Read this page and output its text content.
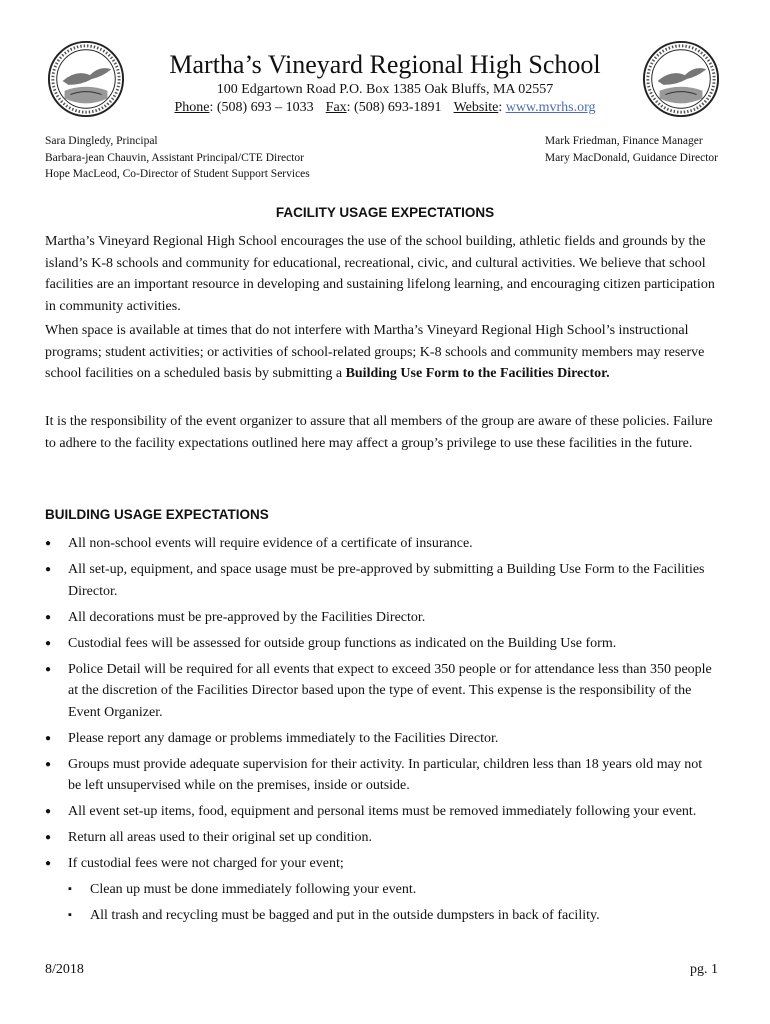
Martha’s Vineyard Regional High School
100 Edgartown Road P.O. Box 1385 Oak Bluffs, MA 02557
Phone: (508) 693 – 1033 Fax: (508) 693-1891 Website: www.mvrhs.org
Sara Dingledy, Principal
Barbara-jean Chauvin, Assistant Principal/CTE Director
Hope MacLeod, Co-Director of Student Support Services
Mark Friedman, Finance Manager
Mary MacDonald, Guidance Director
FACILITY USAGE EXPECTATIONS

Martha’s Vineyard Regional High School encourages the use of the school building, athletic fields and grounds by the island’s K-8 schools and community for educational, recreational, civic, and cultural activities. We believe that school facilities are an important resource in developing and sustaining lifelong learning, and encouraging citizen participation in community activities.

When space is available at times that do not interfere with Martha’s Vineyard Regional High School’s instructional programs; student activities; or activities of school-related groups; K-8 schools and community members may reserve school facilities on a scheduled basis by submitting a Building Use Form to the Facilities Director.

It is the responsibility of the event organizer to assure that all members of the group are aware of these policies. Failure to adhere to the facility expectations outlined here may affect a group’s privilege to use these facilities in the future.

BUILDING USAGE EXPECTATIONS
● All non-school events will require evidence of a certificate of insurance.
● All set-up, equipment, and space usage must be pre-approved by submitting a Building Use Form to the Facilities Director.
● All decorations must be pre-approved by the Facilities Director.
● Custodial fees will be assessed for outside group functions as indicated on the Building Use form.
● Police Detail will be required for all events that expect to exceed 350 people or for attendance less than 350 people at the discretion of the Facilities Director based upon the type of event. This expense is the responsibility of the Event Organizer.
● Please report any damage or problems immediately to the Facilities Director.
● Groups must provide adequate supervision for their activity. In particular, children less than 18 years old may not be left unsupervised while on the premises, inside or outside.
● All event set-up items, food, equipment and personal items must be removed immediately following your event.
● Return all areas used to their original set up condition.
● If custodial fees were not charged for your event;
▪ Clean up must be done immediately following your event.
▪ All trash and recycling must be bagged and put in the outside dumpsters in back of facility.
8/2018	pg. 1
